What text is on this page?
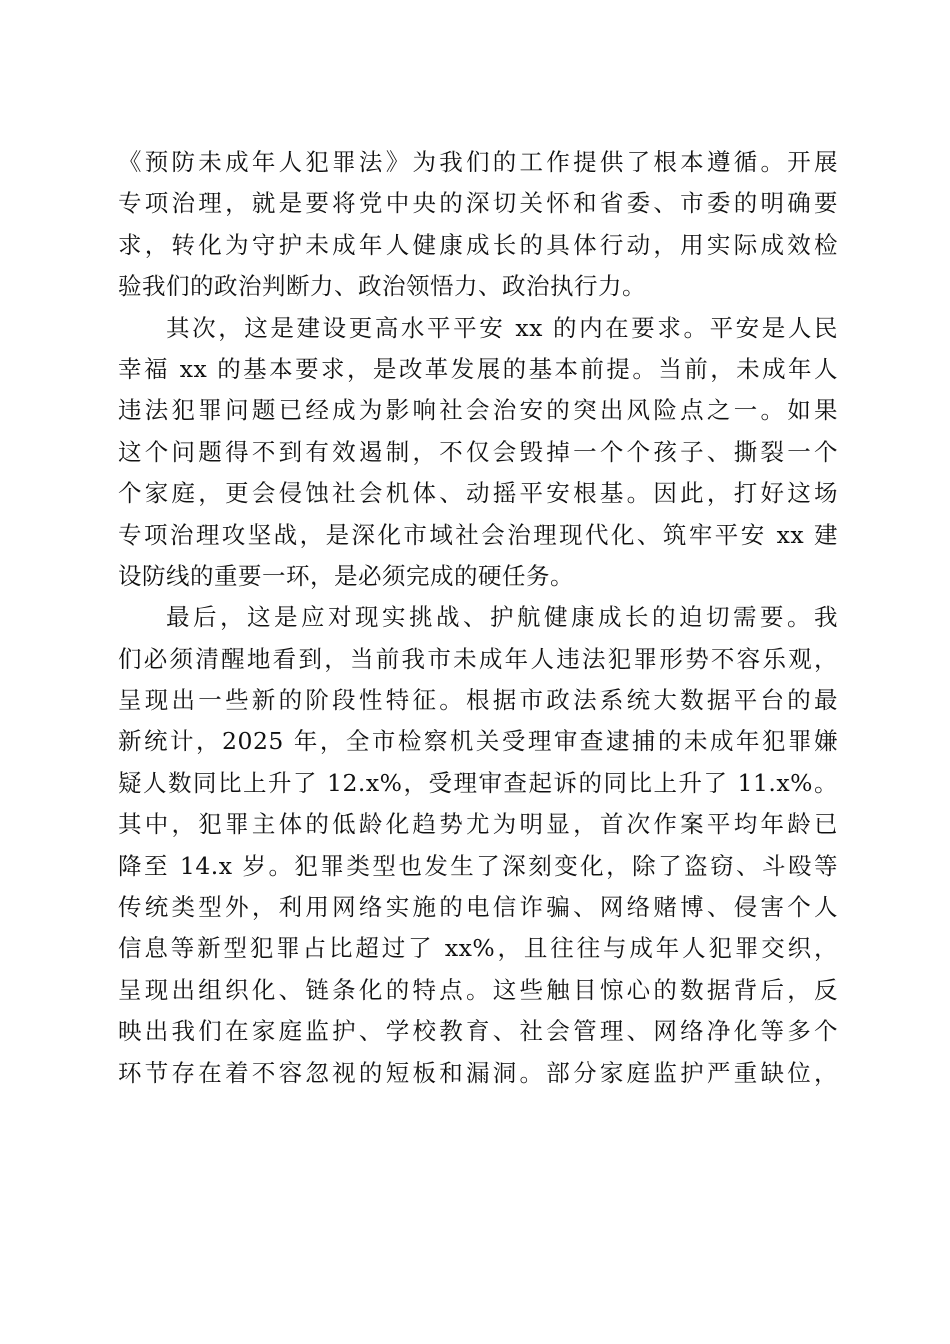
《预防未成年人犯罪法》为我们的工作提供了根本遵循。开展
专项治理，就是要将党中央的深切关怀和省委、市委的明确要
求，转化为守护未成年人健康成长的具体行动，用实际成效检
验我们的政治判断力、政治领悟力、政治执行力。
其次，这是建设更高水平平安 xx 的内在要求。平安是人民
幸福 xx 的基本要求，是改革发展的基本前提。当前，未成年人
违法犯罪问题已经成为影响社会治安的突出风险点之一。如果
这个问题得不到有效遏制，不仅会毁掉一个个孩子、撕裂一个
个家庭，更会侵蚀社会机体、动摇平安根基。因此，打好这场
专项治理攻坚战，是深化市域社会治理现代化、筑牢平安 xx 建
设防线的重要一环，是必须完成的硬任务。
最后，这是应对现实挑战、护航健康成长的迫切需要。我
们必须清醒地看到，当前我市未成年人违法犯罪形势不容乐观，
呈现出一些新的阶段性特征。根据市政法系统大数据平台的最
新统计，2025 年，全市检察机关受理审查逮捕的未成年犯罪嫌
疑人数同比上升了 12.x%，受理审查起诉的同比上升了 11.x%。
其中，犯罪主体的低龄化趋势尤为明显，首次作案平均年龄已
降至 14.x 岁。犯罪类型也发生了深刻变化，除了盗窃、斗殴等
传统类型外，利用网络实施的电信诈骗、网络赌博、侵害个人
信息等新型犯罪占比超过了 xx%，且往往与成年人犯罪交织，
呈现出组织化、链条化的特点。这些触目惊心的数据背后，反
映出我们在家庭监护、学校教育、社会管理、网络净化等多个
环节存在着不容忽视的短板和漏洞。部分家庭监护严重缺位，
